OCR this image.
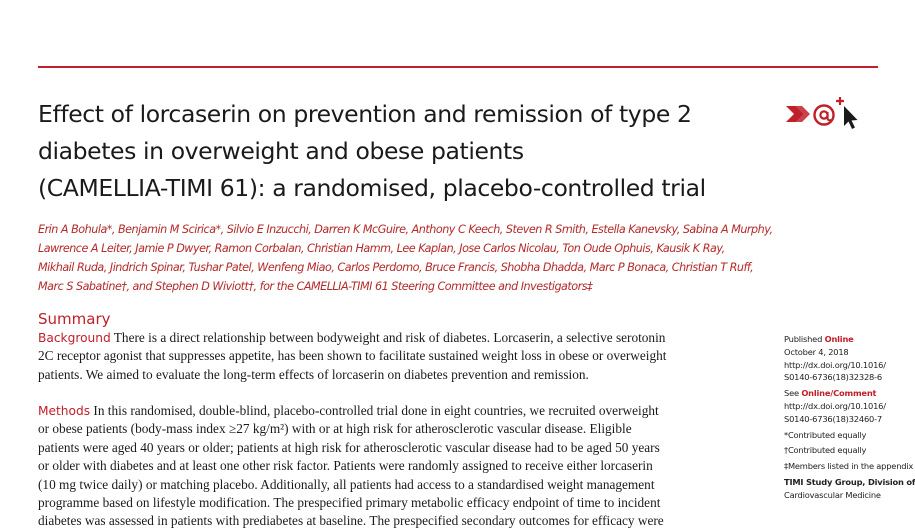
Effect of lorcaserin on prevention and remission of type 2
diabetes in overweight and obese patients
(CAMELLIA-TIMI 61): a randomised, placebo-controlled trial
Erin A Bohula*, Benjamin M Scirica*, Silvio E Inzucchi, Darren K McGuire, Anthony C Keech, Steven R Smith, Estella Kanevsky, Sabina A Murphy,
Lawrence A Leiter, Jamie P Dwyer, Ramon Corbalan, Christian Hamm, Lee Kaplan, Jose Carlos Nicolau, Ton Oude Ophuis, Kausik K Ray,
Mikhail Ruda, Jindrich Spinar, Tushar Patel, Wenfeng Miao, Carlos Perdomo, Bruce Francis, Shobha Dhadda, Marc P Bonaca, Christian T Ruff,
Marc S Sabatine†, and Stephen D Wiviott†, for the CAMELLIA-TIMI 61 Steering Committee and Investigators‡
Summary
Background There is a direct relationship between bodyweight and risk of diabetes. Lorcaserin, a selective serotonin
2C receptor agonist that suppresses appetite, has been shown to facilitate sustained weight loss in obese or overweight
patients. We aimed to evaluate the long-term effects of lorcaserin on diabetes prevention and remission.
Methods In this randomised, double-blind, placebo-controlled trial done in eight countries, we recruited overweight
or obese patients (body-mass index ≥27 kg/m²) with or at high risk for atherosclerotic vascular disease. Eligible
patients were aged 40 years or older; patients at high risk for atherosclerotic vascular disease had to be aged 50 years
or older with diabetes and at least one other risk factor. Patients were randomly assigned to receive either lorcaserin
(10 mg twice daily) or matching placebo. Additionally, all patients had access to a standardised weight management
programme based on lifestyle modification. The prespecified primary metabolic efficacy endpoint of time to incident
diabetes was assessed in patients with prediabetes at baseline. The prespecified secondary outcomes for efficacy were
Published Online
October 4, 2018
http://dx.doi.org/10.1016/
S0140-6736(18)32328-6
See Online/Comment
http://dx.doi.org/10.1016/
S0140-6736(18)32460-7
*Contributed equally
†Contributed equally
‡Members listed in the appendix
TIMI Study Group, Division of
Cardiovascular Medicine
